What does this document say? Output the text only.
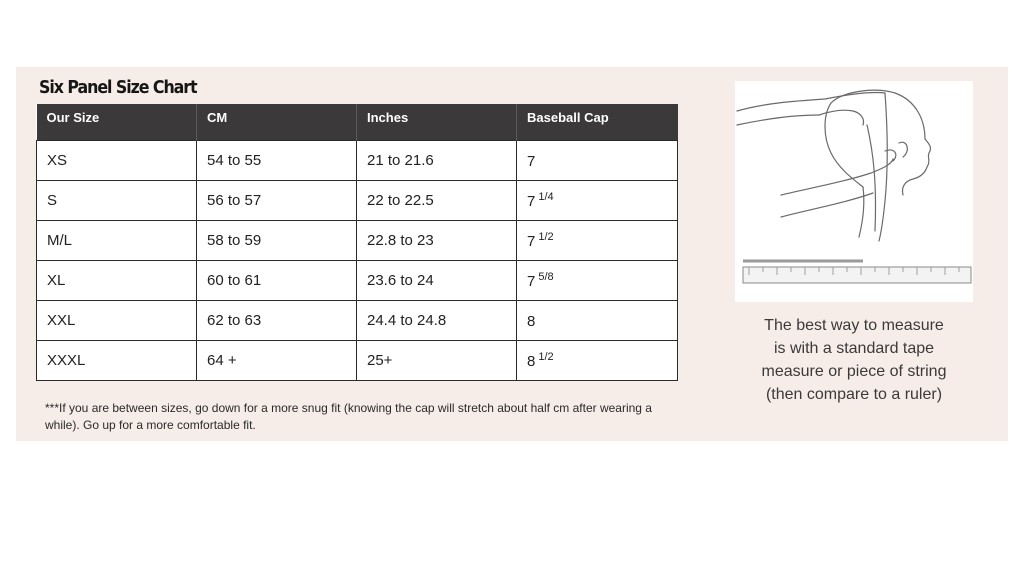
Six Panel Size Chart
Our Size	CM	Inches	Baseball Cap
XS	54 to 55	21 to 21.6	7
S	56 to 57	22 to 22.5	7 $^{1/4}$
M/L	58 to 59	22.8 to 23	7 $^{1/2}$
XL	60 to 61	23.6 to 24	7 $^{5/8}$
XXL	62 to 63	24.4 to 24.8	8
XXXL	64 +	25+	8 $^{1/2}$

***If you are between sizes, go down for a more snug fit (knowing the cap will stretch about half cm after wearing a while). Go up for a more comfortable fit.

The best way to measure
is with a standard tape
measure or piece of string
(then compare to a ruler)
